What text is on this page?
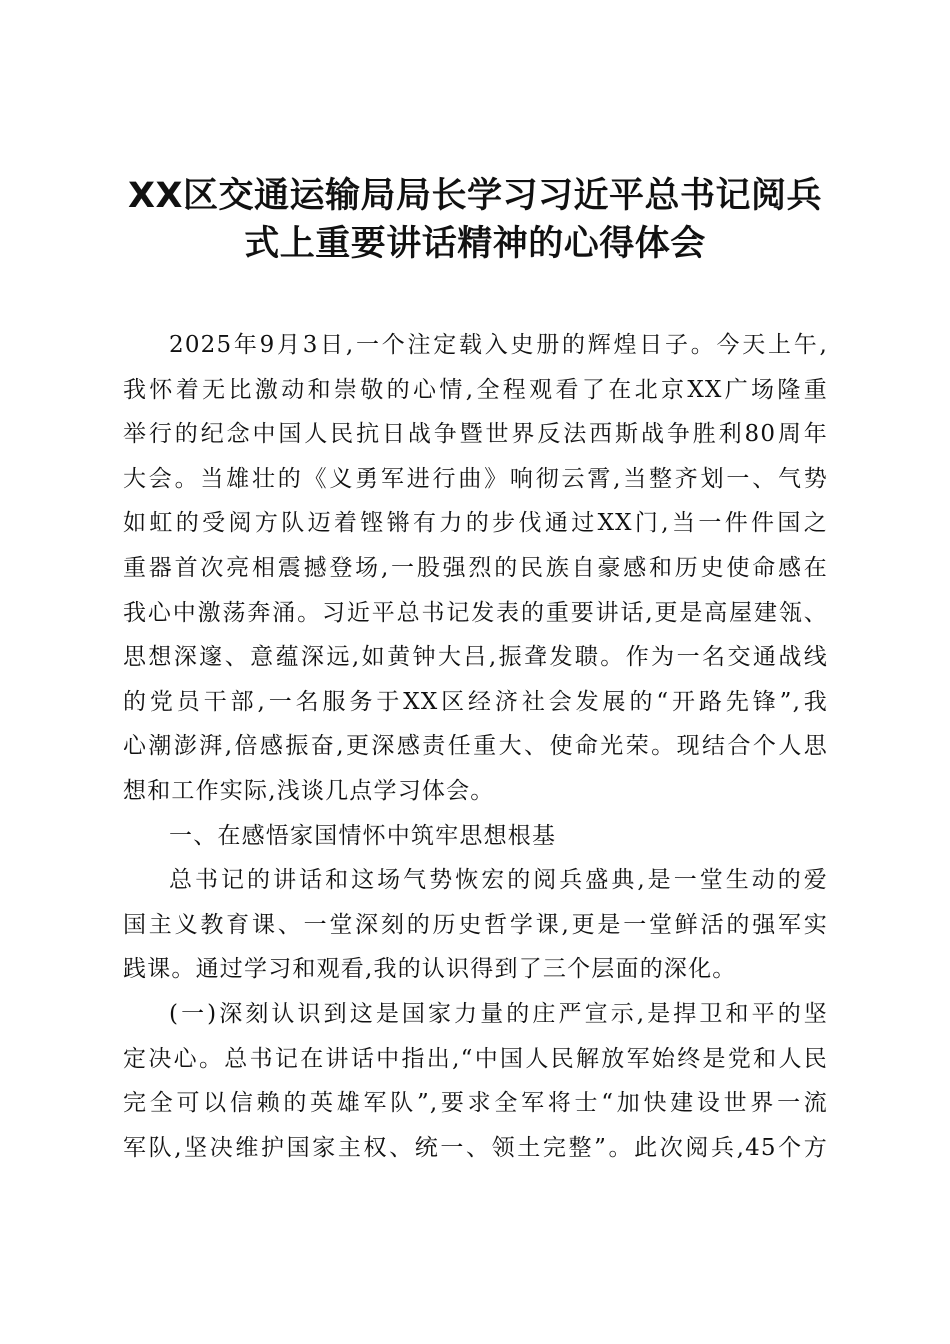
XX区交通运输局局长学习习近平总书记阅兵
式上重要讲话精神的心得体会
2025年9月3日,一个注定载入史册的辉煌日子。今天上午,
我怀着无比激动和崇敬的心情,全程观看了在北京XX广场隆重
举行的纪念中国人民抗日战争暨世界反法西斯战争胜利80周年
大会。当雄壮的《义勇军进行曲》响彻云霄,当整齐划一、气势
如虹的受阅方队迈着铿锵有力的步伐通过XX门,当一件件国之
重器首次亮相震撼登场,一股强烈的民族自豪感和历史使命感在
我心中激荡奔涌。习近平总书记发表的重要讲话,更是高屋建瓴、
思想深邃、意蕴深远,如黄钟大吕,振聋发聩。作为一名交通战线
的党员干部,一名服务于XX区经济社会发展的“开路先锋”,我
心潮澎湃,倍感振奋,更深感责任重大、使命光荣。现结合个人思
想和工作实际,浅谈几点学习体会。
一、在感悟家国情怀中筑牢思想根基
总书记的讲话和这场气势恢宏的阅兵盛典,是一堂生动的爱
国主义教育课、一堂深刻的历史哲学课,更是一堂鲜活的强军实
践课。通过学习和观看,我的认识得到了三个层面的深化。
(一)深刻认识到这是国家力量的庄严宣示,是捍卫和平的坚
定决心。总书记在讲话中指出,“中国人民解放军始终是党和人民
完全可以信赖的英雄军队”,要求全军将士“加快建设世界一流
军队,坚决维护国家主权、统一、领土完整”。此次阅兵,45个方
